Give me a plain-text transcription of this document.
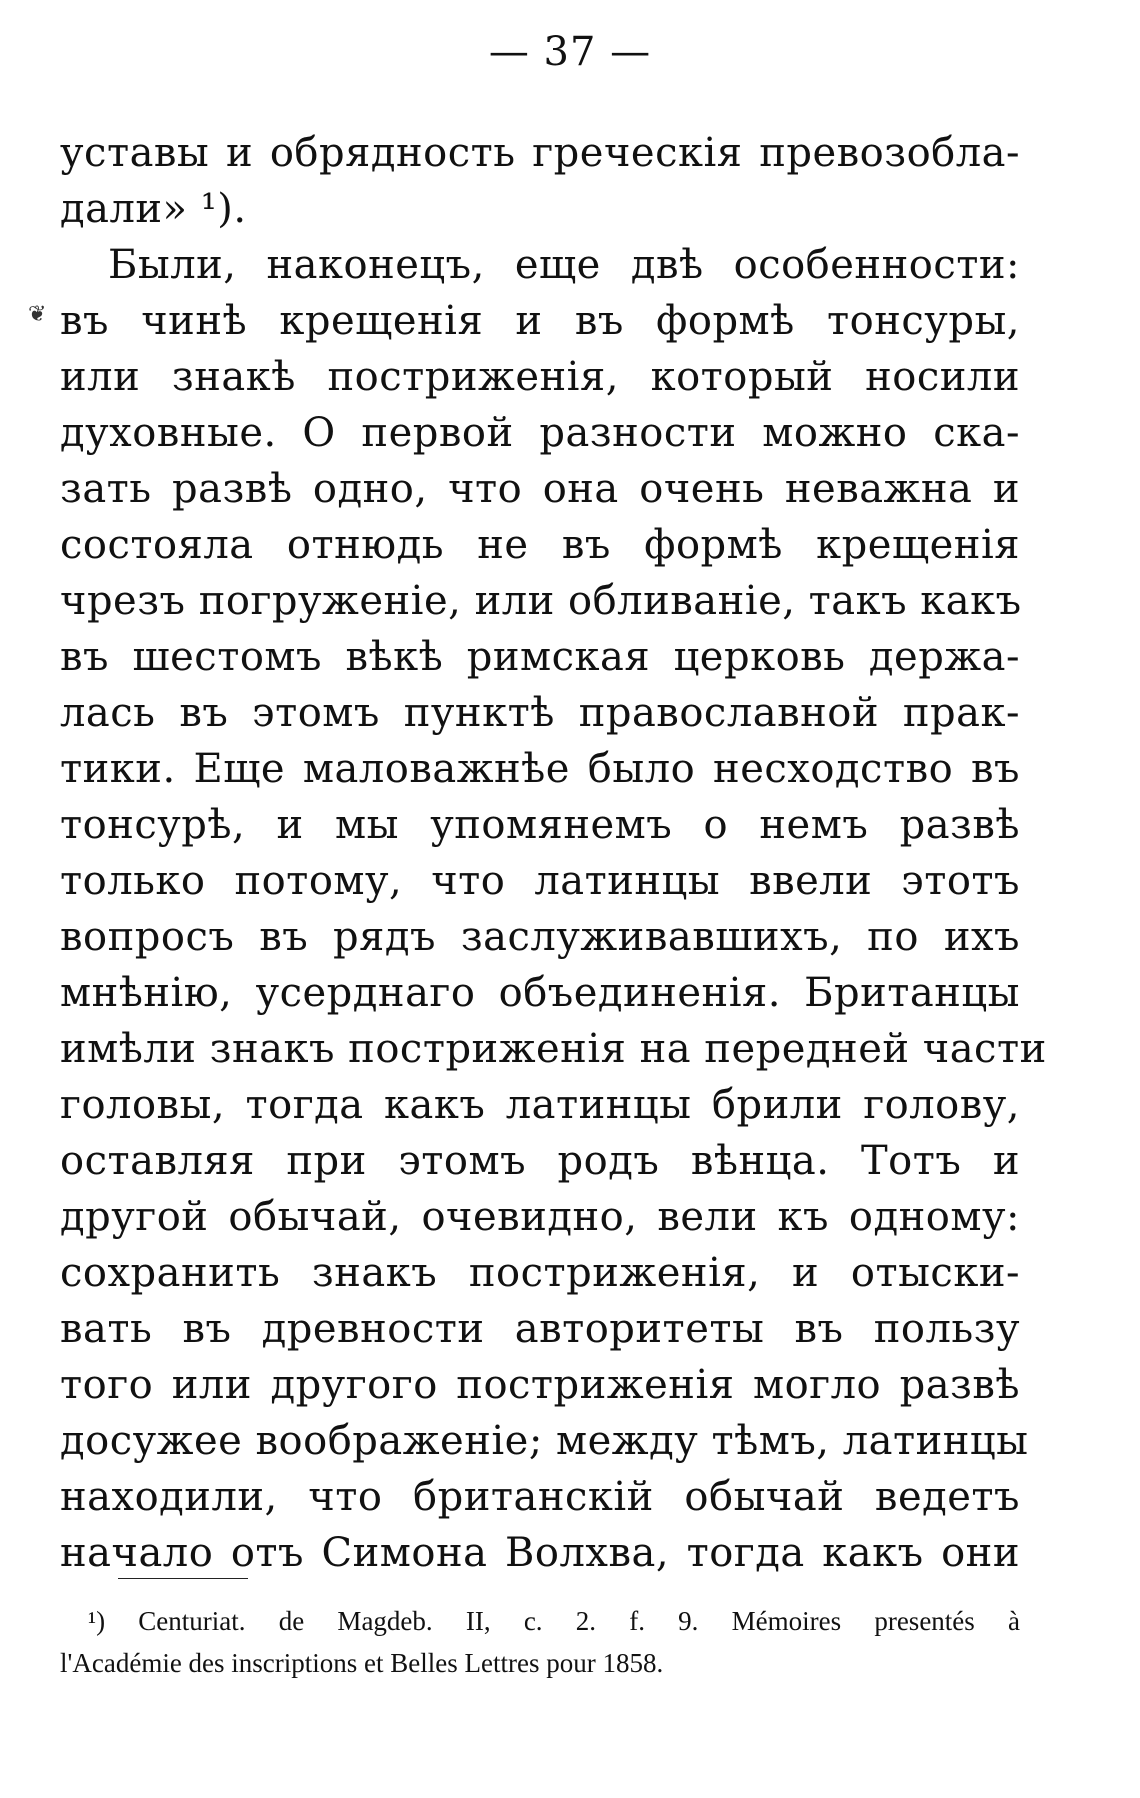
— 37 —
❦
уставы и обрядность греческія превозобла-
дали» ¹).
Были, наконецъ, еще двѣ особенности:
въ чинѣ крещенія и въ формѣ тонсуры,
или знакѣ постриженія, который носили
духовные. О первой разности можно ска-
зать развѣ одно, что она очень неважна и
состояла отнюдь не въ формѣ крещенія
чрезъ погруженіе, или обливаніе, такъ какъ
въ шестомъ вѣкѣ римская церковь держа-
лась въ этомъ пунктѣ православной прак-
тики. Еще маловажнѣе было несходство въ
тонсурѣ, и мы упомянемъ о немъ развѣ
только потому, что латинцы ввели этотъ
вопросъ въ рядъ заслуживавшихъ, по ихъ
мнѣнію, усерднаго объединенія. Британцы
имѣли знакъ постриженія на передней части
головы, тогда какъ латинцы брили голову,
оставляя при этомъ родъ вѣнца. Тотъ и
другой обычай, очевидно, вели къ одному:
сохранить знакъ постриженія, и отыски-
вать въ древности авторитеты въ пользу
того или другого постриженія могло развѣ
досужее воображеніе; между тѣмъ, латинцы
находили, что британскій обычай ведетъ
начало отъ Симона Волхва, тогда какъ они
¹) Centuriat. de Magdeb. II, c. 2. f. 9. Mémoires presentés à
l'Académie des inscriptions et Belles Lettres pour 1858.
